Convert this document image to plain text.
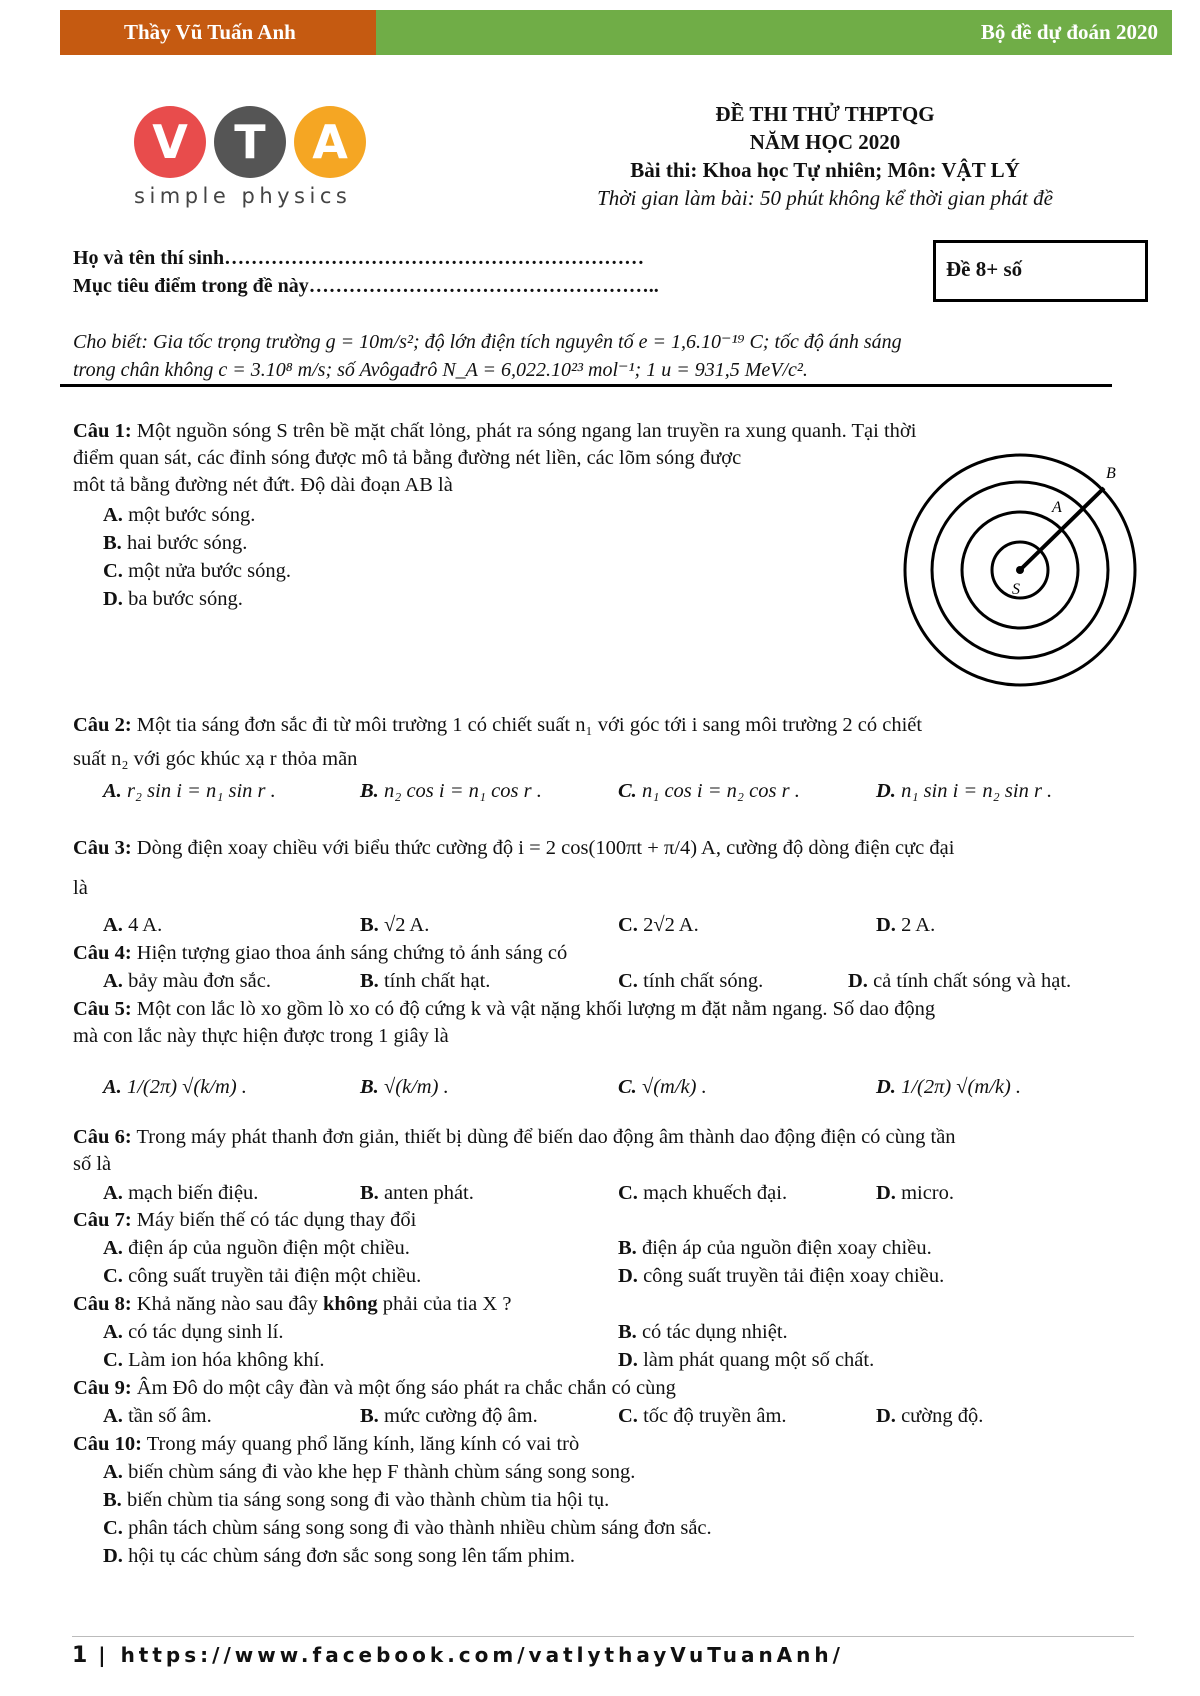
Thầy Vũ Tuấn Anh	Bộ đề dự đoán 2020
V	T	A
simple physics
ĐỀ THI THỬ THPTQG
NĂM HỌC 2020
Bài thi: Khoa học Tự nhiên; Môn: VẬT LÝ
Thời gian làm bài: 50 phút không kể thời gian phát đề
Họ và tên thí sinh………………………………………………………
Mục tiêu điểm trong đề này……………………………………………..
Đề 8+ số
Cho biết: Gia tốc trọng trường g = 10m/s²; độ lớn điện tích nguyên tố e = 1,6.10⁻¹⁹ C; tốc độ ánh sáng
trong chân không c = 3.10⁸ m/s; số Avôgađrô N_A = 6,022.10²³ mol⁻¹; 1 u = 931,5 MeV/c².
Câu 1: Một nguồn sóng S trên bề mặt chất lỏng, phát ra sóng ngang lan truyền ra xung quanh. Tại thời
điểm quan sát, các đỉnh sóng được mô tả bằng đường nét liền, các lõm sóng được
môt tả bằng đường nét đứt. Độ dài đoạn AB là
A. một bước sóng.
B. hai bước sóng.
C. một nửa bước sóng.
D. ba bước sóng.	S
A
B
Câu 2: Một tia sáng đơn sắc đi từ môi trường 1 có chiết suất n₁ với góc tới i sang môi trường 2 có chiết
suất n₂ với góc khúc xạ r thỏa mãn
A. r₂ sin i = n₁ sin r .	B. n₂ cos i = n₁ cos r .	C. n₁ cos i = n₂ cos r .	D. n₁ sin i = n₂ sin r .
Câu 3: Dòng điện xoay chiều với biểu thức cường độ i = 2 cos(100πt + π/4) A, cường độ dòng điện cực đại
là
A. 4 A.	B. √2 A.	C. 2√2 A.	D. 2 A.
Câu 4: Hiện tượng giao thoa ánh sáng chứng tỏ ánh sáng có
A. bảy màu đơn sắc.	B. tính chất hạt.	C. tính chất sóng.	D. cả tính chất sóng và hạt.
Câu 5: Một con lắc lò xo gồm lò xo có độ cứng k và vật nặng khối lượng m đặt nằm ngang. Số dao động
mà con lắc này thực hiện được trong 1 giây là
A. 1/(2π) √(k/m) .	B. √(k/m) .	C. √(m/k) .	D. 1/(2π) √(m/k) .
Câu 6: Trong máy phát thanh đơn giản, thiết bị dùng để biến dao động âm thành dao động điện có cùng tần
số là
A. mạch biến điệu.	B. anten phát.	C. mạch khuếch đại.	D. micro.
Câu 7: Máy biến thế có tác dụng thay đổi
A. điện áp của nguồn điện một chiều.	B. điện áp của nguồn điện xoay chiều.
C. công suất truyền tải điện một chiều.	D. công suất truyền tải điện xoay chiều.
Câu 8: Khả năng nào sau đây không phải của tia X ?
A. có tác dụng sinh lí.	B. có tác dụng nhiệt.
C. Làm ion hóa không khí.	D. làm phát quang một số chất.
Câu 9: Âm Đô do một cây đàn và một ống sáo phát ra chắc chắn có cùng
A. tần số âm.	B. mức cường độ âm.	C. tốc độ truyền âm.	D. cường độ.
Câu 10: Trong máy quang phổ lăng kính, lăng kính có vai trò
A. biến chùm sáng đi vào khe hẹp F thành chùm sáng song song.
B. biến chùm tia sáng song song đi vào thành chùm tia hội tụ.
C. phân tách chùm sáng song song đi vào thành nhiều chùm sáng đơn sắc.
D. hội tụ các chùm sáng đơn sắc song song lên tấm phim.
1 | https://www.facebook.com/vatlythayVuTuanAnh/
